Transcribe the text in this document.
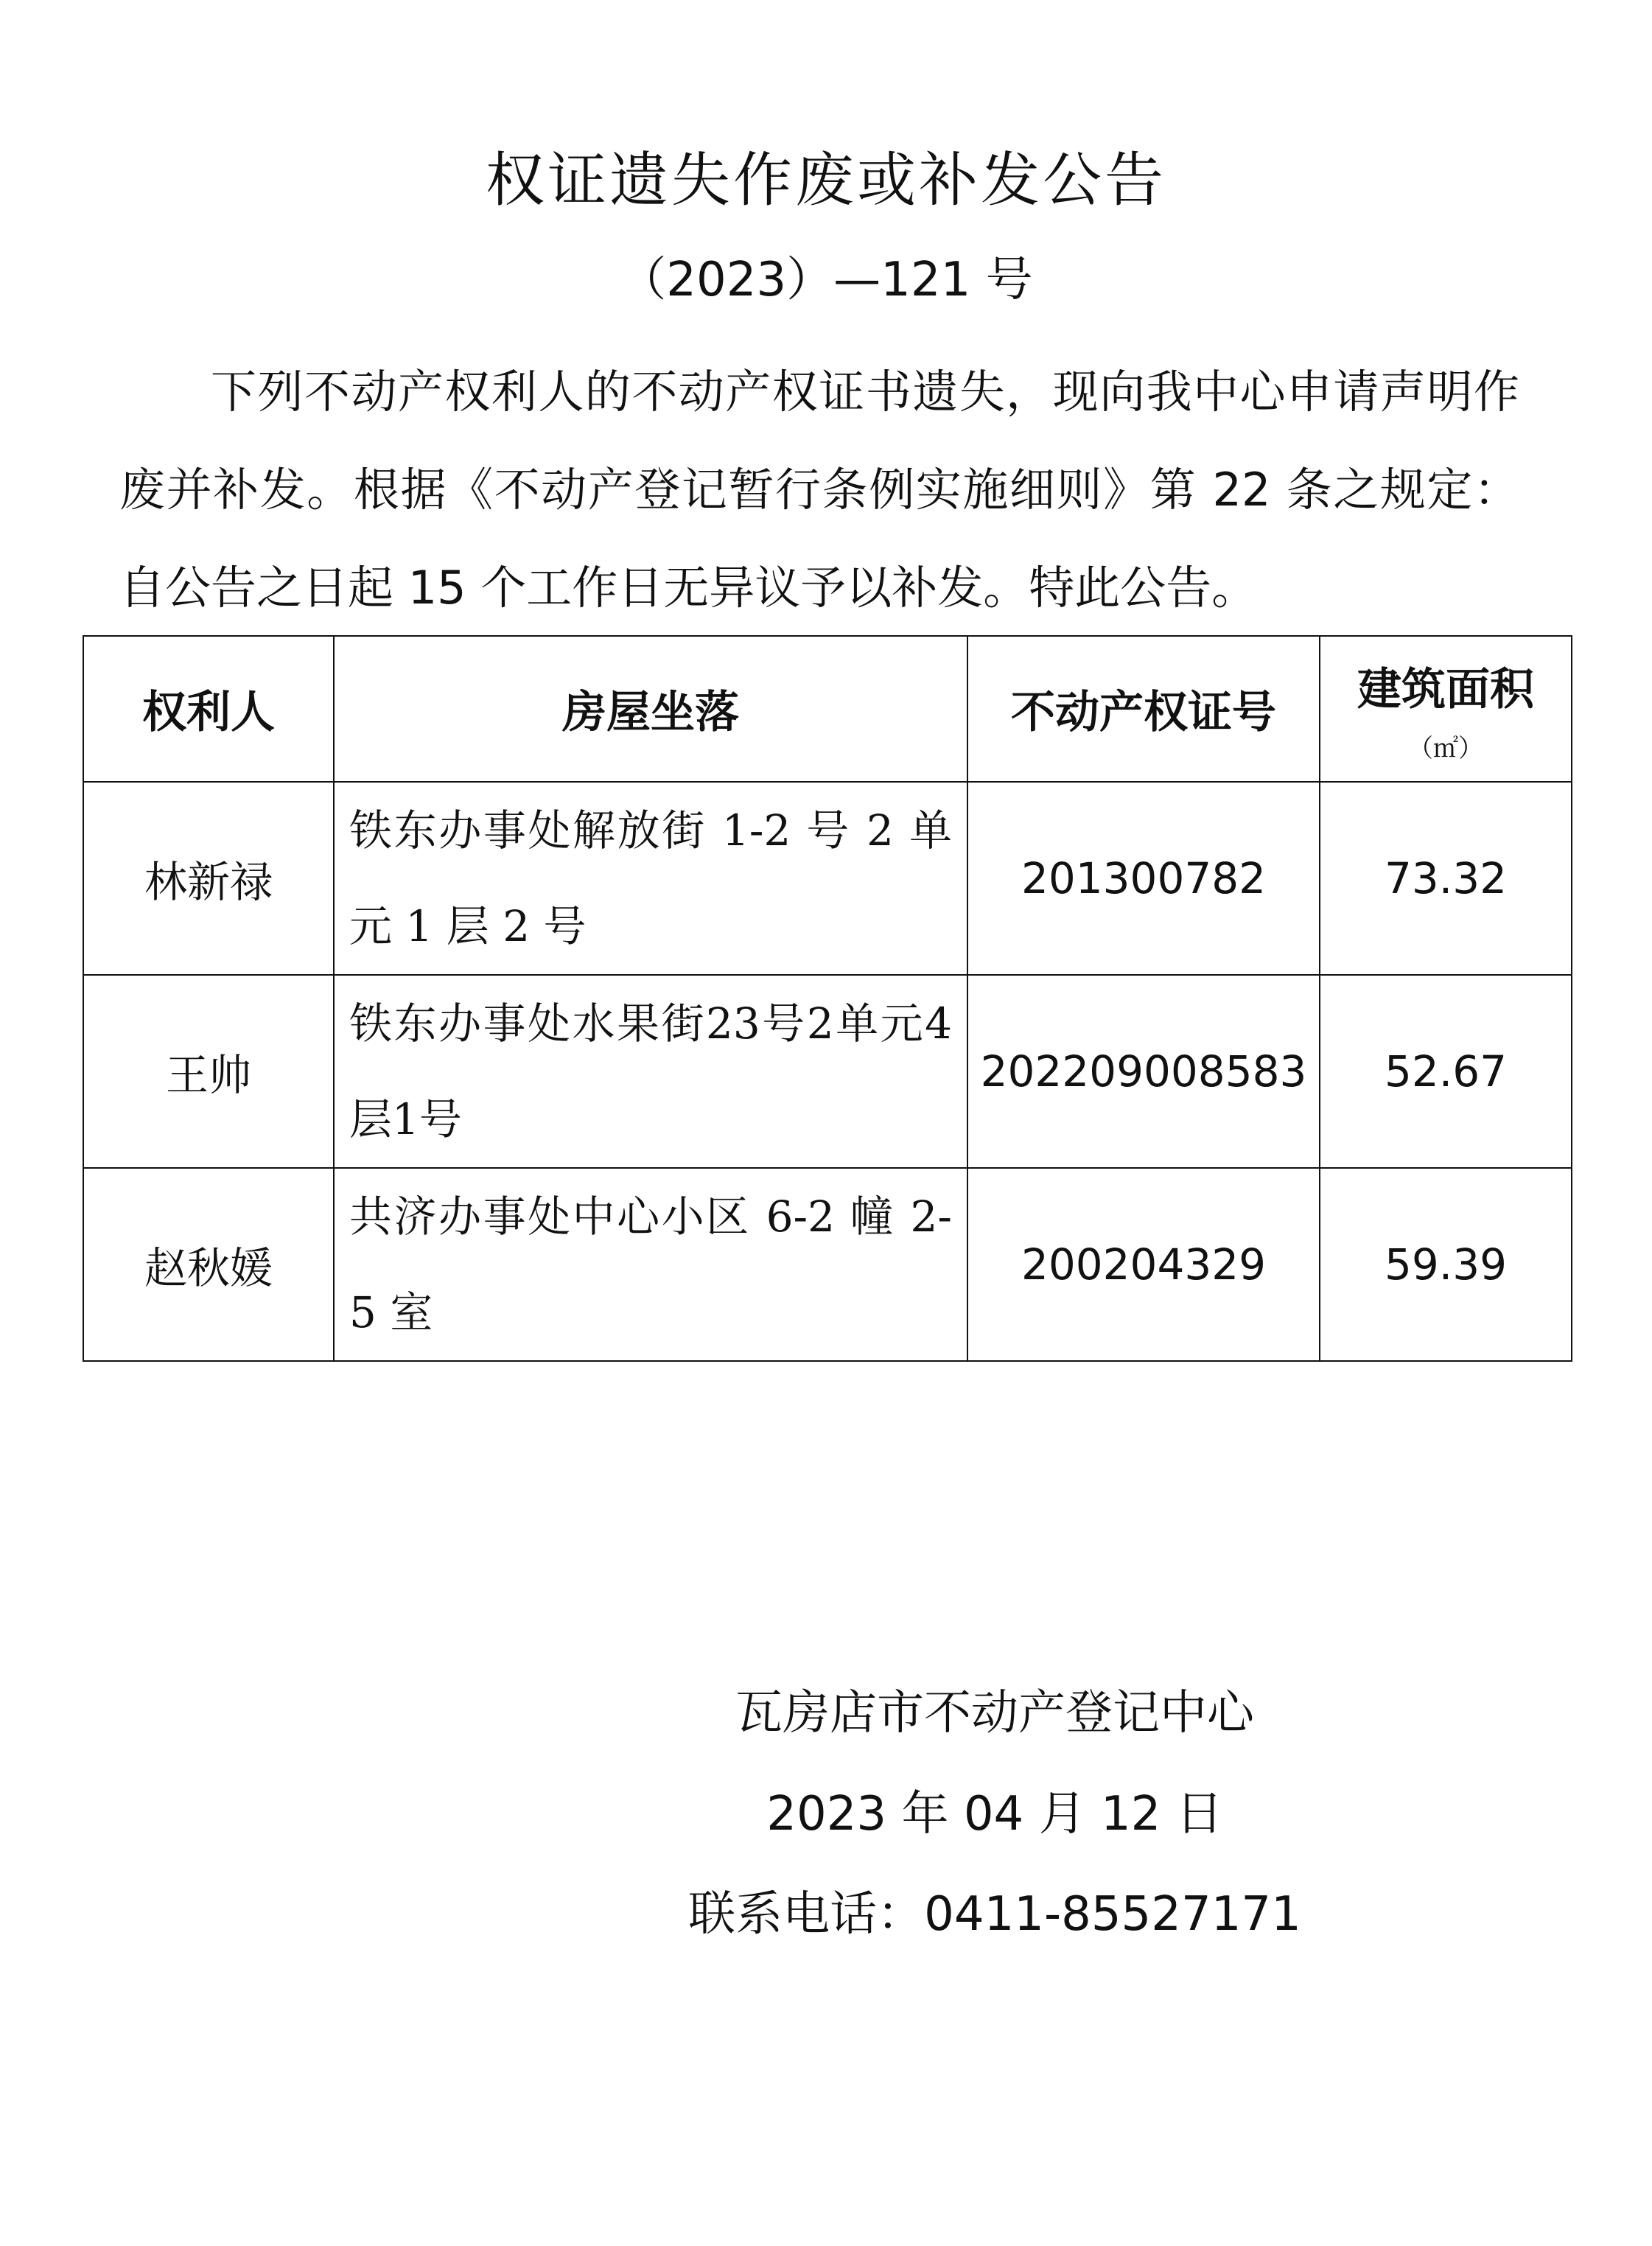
权证遗失作废或补发公告
（2023）—121 号

下列不动产权利人的不动产权证书遗失，现向我中心申请声明作废并补发。根据《不动产登记暂行条例实施细则》第 22 条之规定：自公告之日起 15 个工作日无异议予以补发。特此公告。

权利人	房屋坐落	不动产权证号	建筑面积
（㎡）

林新禄	铁东办事处解放街 1-2 号 2 单元 1 层 2 号	201300782	73.32
王帅	铁东办事处水果街23号2单元4层1号	202209008583	52.67
赵秋媛	共济办事处中心小区 6-2 幢 2-5 室	200204329	59.39
瓦房店市不动产登记中心
2023 年 04 月 12 日
联系电话：0411-85527171
